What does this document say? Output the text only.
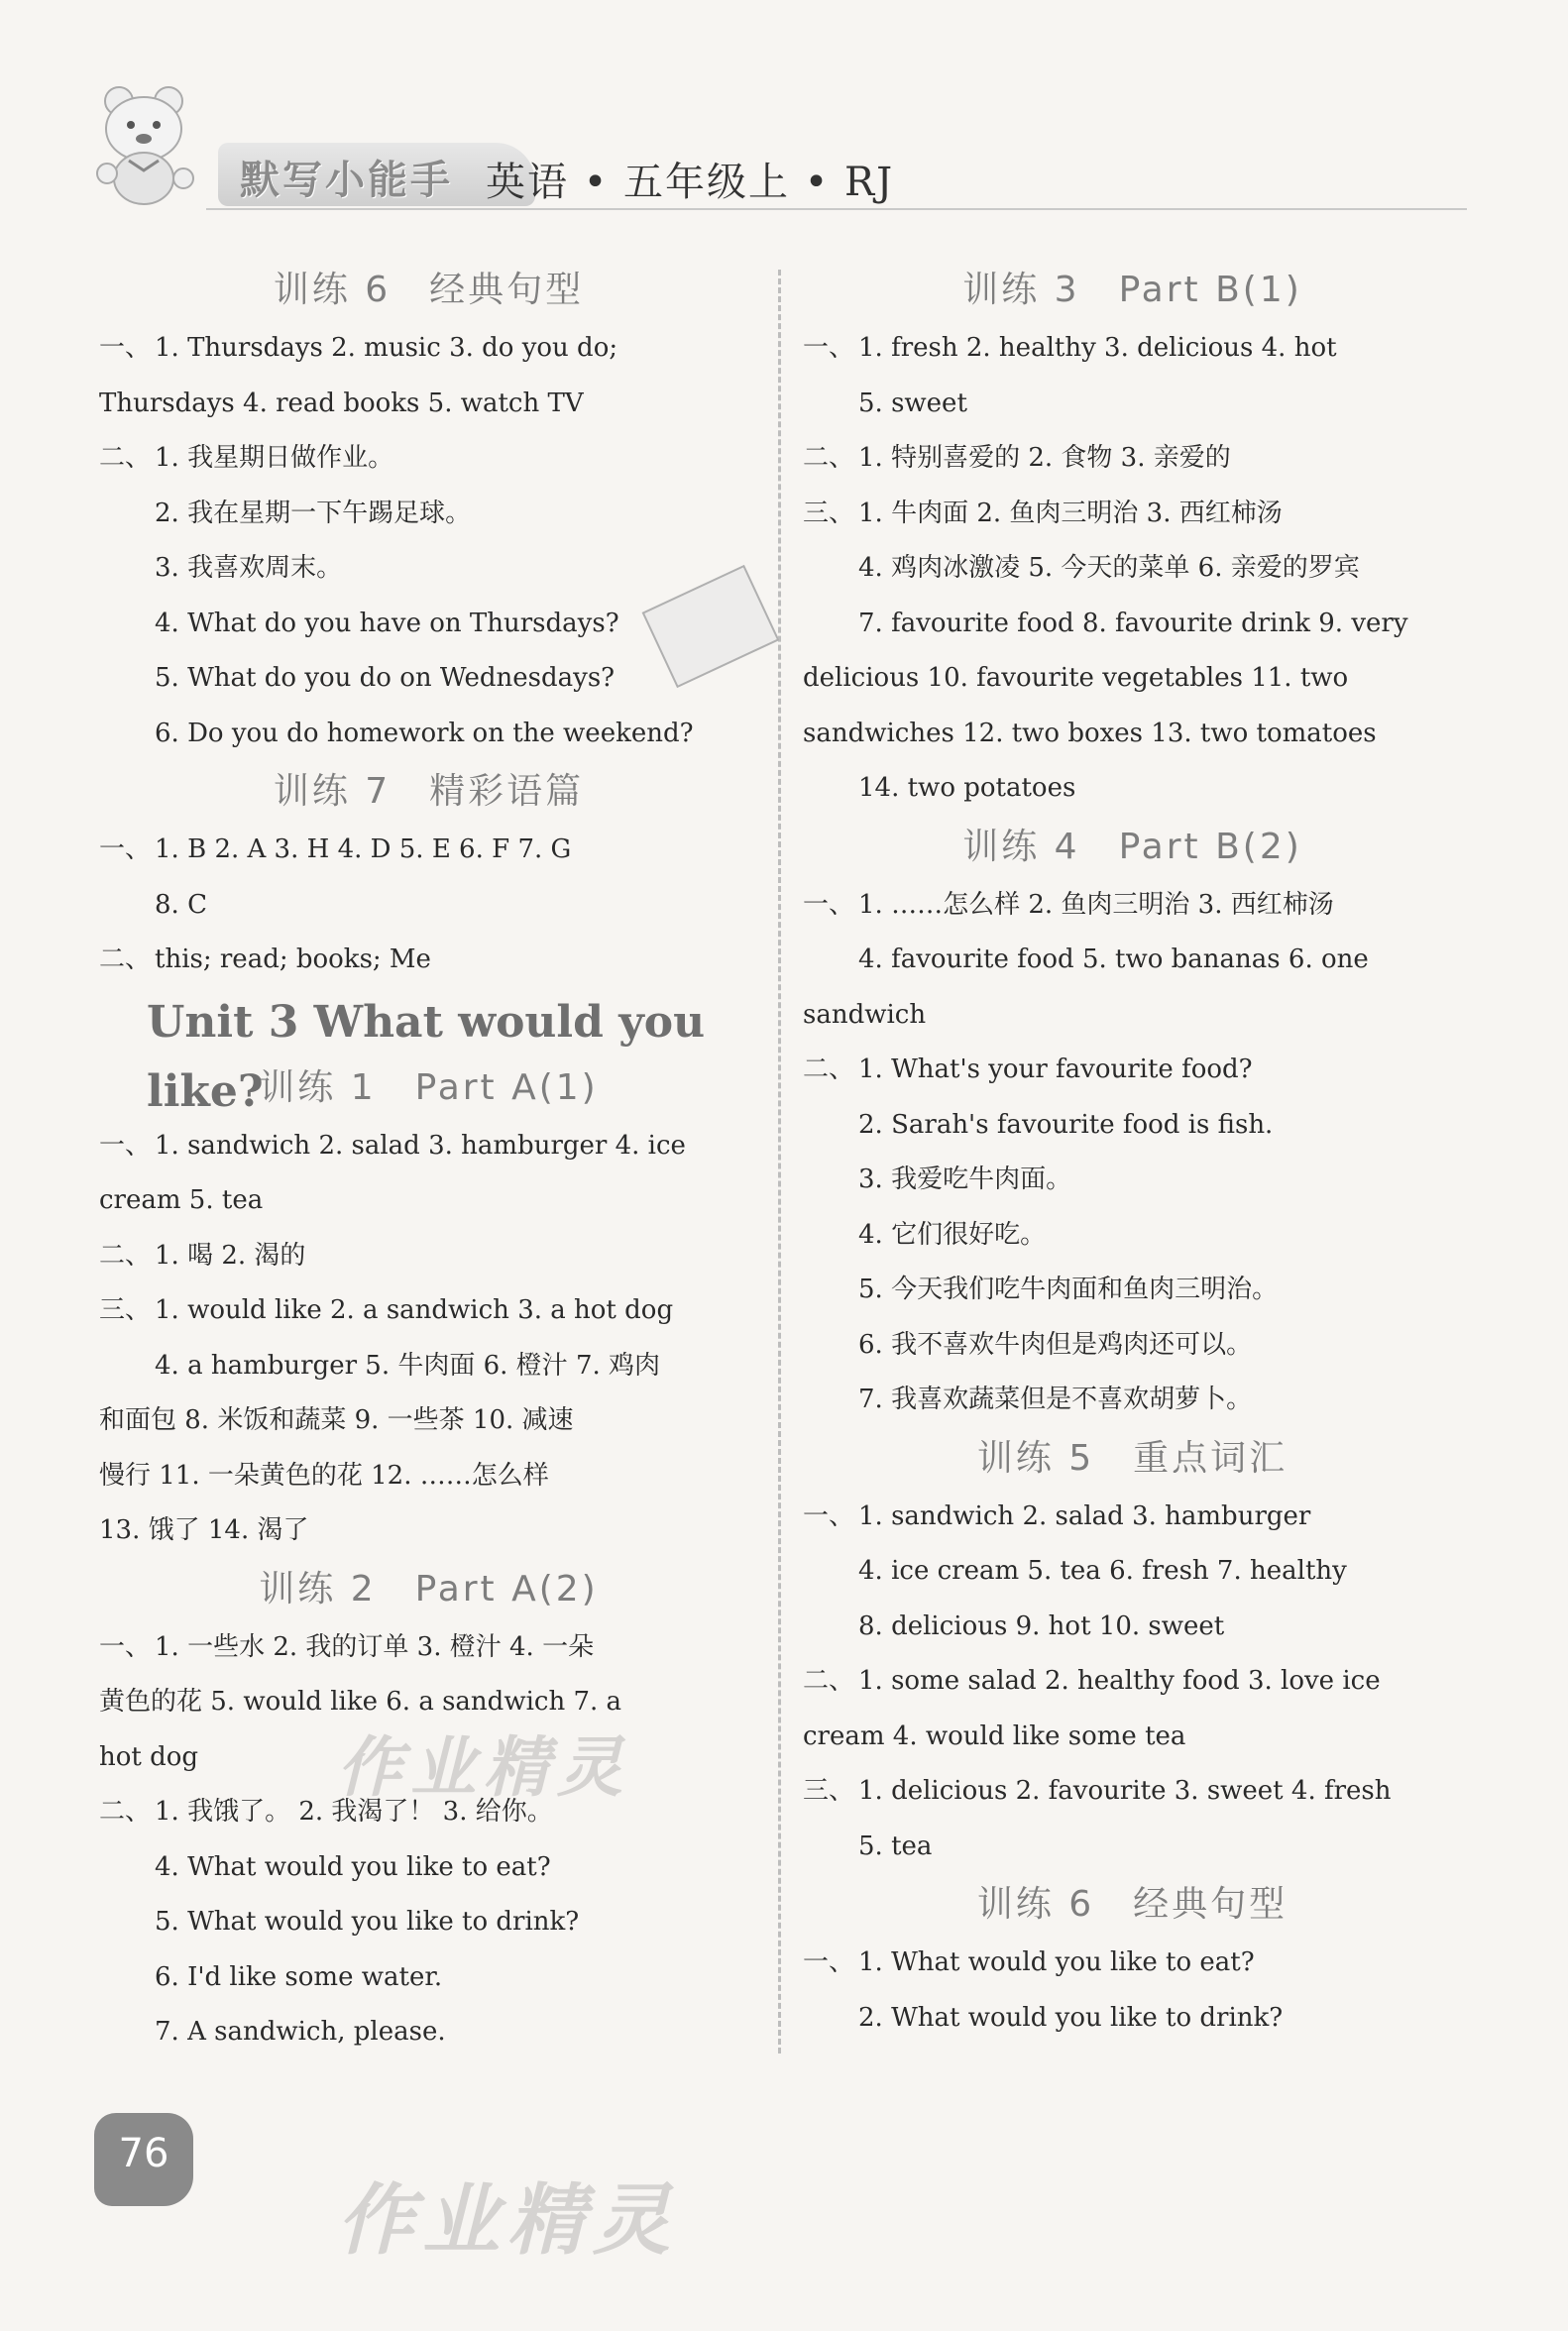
默写小能手 英语 • 五年级上 • RJ
训练 6　经典句型
一、 1. Thursdays 2. music 3. do you do;
Thursdays 4. read books 5. watch TV
二、 1. 我星期日做作业。
2. 我在星期一下午踢足球。
3. 我喜欢周末。
4. What do you have on Thursdays?
5. What do you do on Wednesdays?
6. Do you do homework on the weekend?
训练 7　精彩语篇
一、 1. B 2. A 3. H 4. D 5. E 6. F 7. G
8. C
二、 this; read; books; Me
Unit 3 What would you like?
训练 1　Part A(1)
一、 1. sandwich 2. salad 3. hamburger 4. ice
cream 5. tea
二、 1. 喝 2. 渴的
三、 1. would like 2. a sandwich 3. a hot dog
4. a hamburger 5. 牛肉面 6. 橙汁 7. 鸡肉
和面包 8. 米饭和蔬菜 9. 一些茶 10. 减速
慢行 11. 一朵黄色的花 12. ……怎么样
13. 饿了 14. 渴了
训练 2　Part A(2)
一、 1. 一些水 2. 我的订单 3. 橙汁 4. 一朵
黄色的花 5. would like 6. a sandwich 7. a
hot dog
二、 1. 我饿了。 2. 我渴了！ 3. 给你。
4. What would you like to eat?
5. What would you like to drink?
6. I'd like some water.
7. A sandwich, please.
训练 3　Part B(1)
一、 1. fresh 2. healthy 3. delicious 4. hot
5. sweet
二、 1. 特别喜爱的 2. 食物 3. 亲爱的
三、 1. 牛肉面 2. 鱼肉三明治 3. 西红柿汤
4. 鸡肉冰激凌 5. 今天的菜单 6. 亲爱的罗宾
7. favourite food 8. favourite drink 9. very
delicious 10. favourite vegetables 11. two
sandwiches 12. two boxes 13. two tomatoes
14. two potatoes
训练 4　Part B(2)
一、 1. ……怎么样 2. 鱼肉三明治 3. 西红柿汤
4. favourite food 5. two bananas 6. one
sandwich
二、 1. What's your favourite food?
2. Sarah's favourite food is fish.
3. 我爱吃牛肉面。
4. 它们很好吃。
5. 今天我们吃牛肉面和鱼肉三明治。
6. 我不喜欢牛肉但是鸡肉还可以。
7. 我喜欢蔬菜但是不喜欢胡萝卜。
训练 5　重点词汇
一、 1. sandwich 2. salad 3. hamburger
4. ice cream 5. tea 6. fresh 7. healthy
8. delicious 9. hot 10. sweet
二、 1. some salad 2. healthy food 3. love ice
cream 4. would like some tea
三、 1. delicious 2. favourite 3. sweet 4. fresh
5. tea
训练 6　经典句型
一、 1. What would you like to eat?
2. What would you like to drink?
作业精灵
作业精灵
76
